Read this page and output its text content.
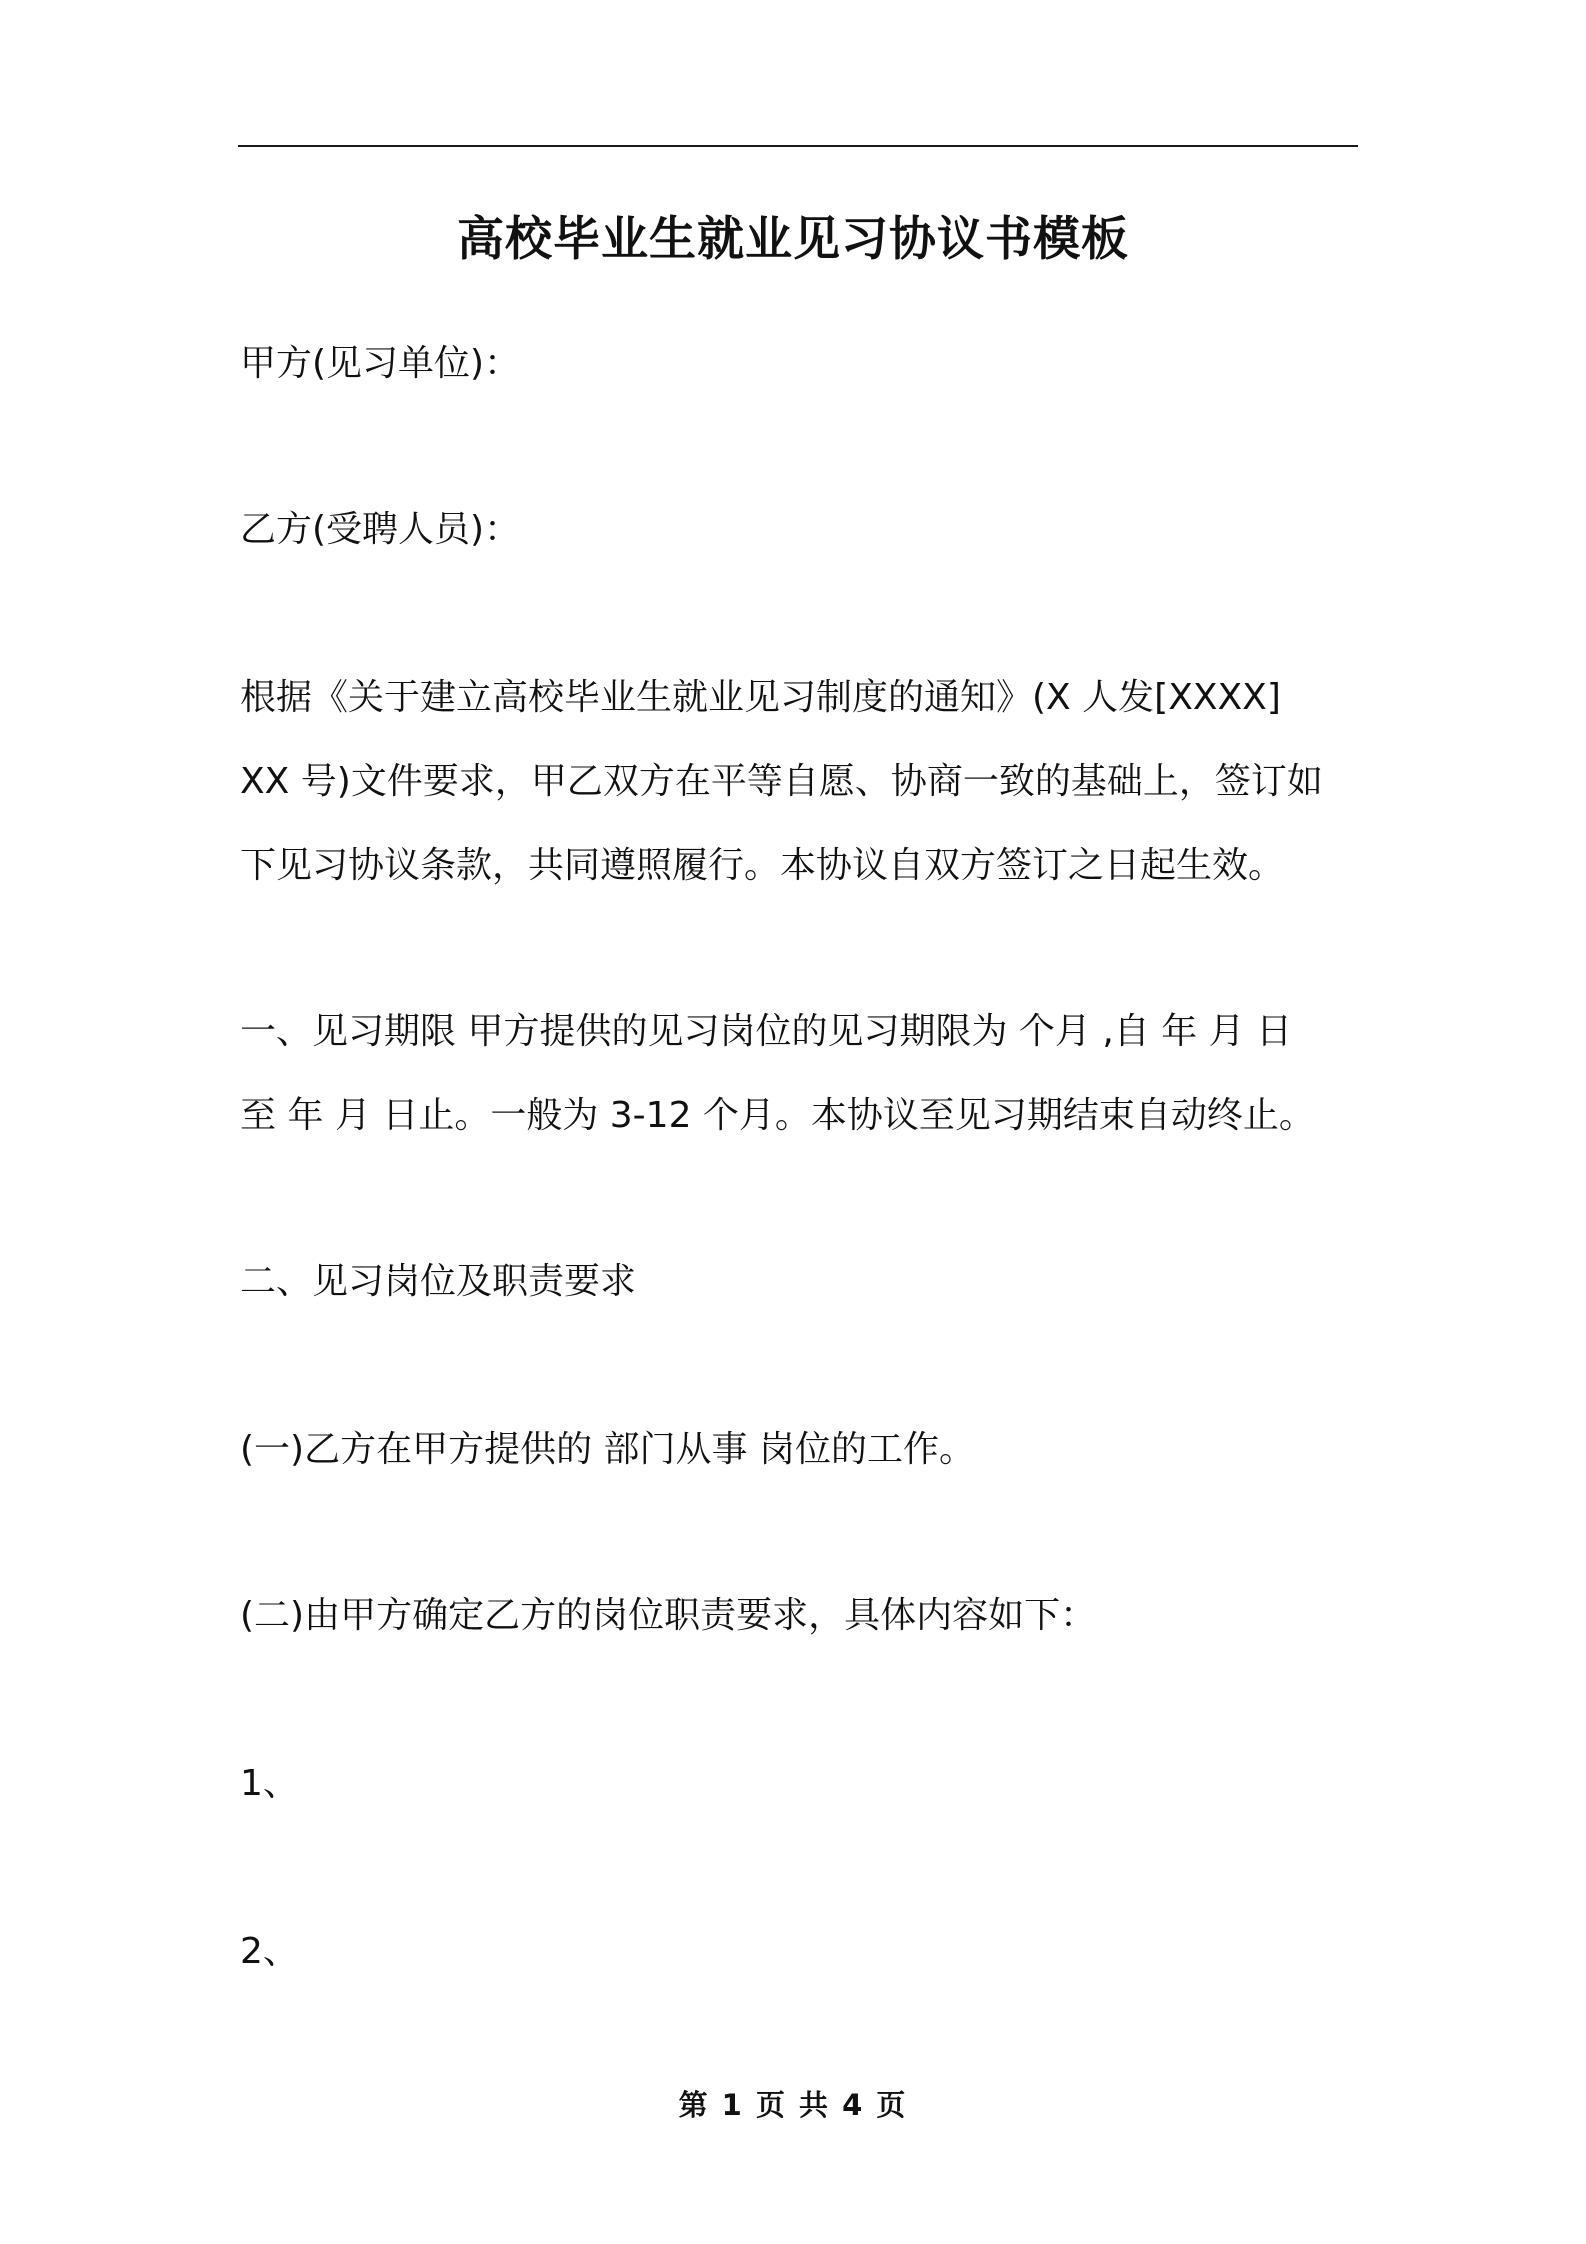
高校毕业生就业见习协议书模板

甲方(见习单位)：

乙方(受聘人员)：

根据《关于建立高校毕业生就业见习制度的通知》(X 人发[XXXX]

XX 号)文件要求，甲乙双方在平等自愿、协商一致的基础上，签订如

下见习协议条款，共同遵照履行。本协议自双方签订之日起生效。

一、见习期限 甲方提供的见习岗位的见习期限为 个月 ,自 年 月 日

至 年 月 日止。一般为 3-12 个月。本协议至见习期结束自动终止。

二、见习岗位及职责要求

(一)乙方在甲方提供的 部门从事 岗位的工作。

(二)由甲方确定乙方的岗位职责要求，具体内容如下：

1、

2、

第 1 页 共 4 页
